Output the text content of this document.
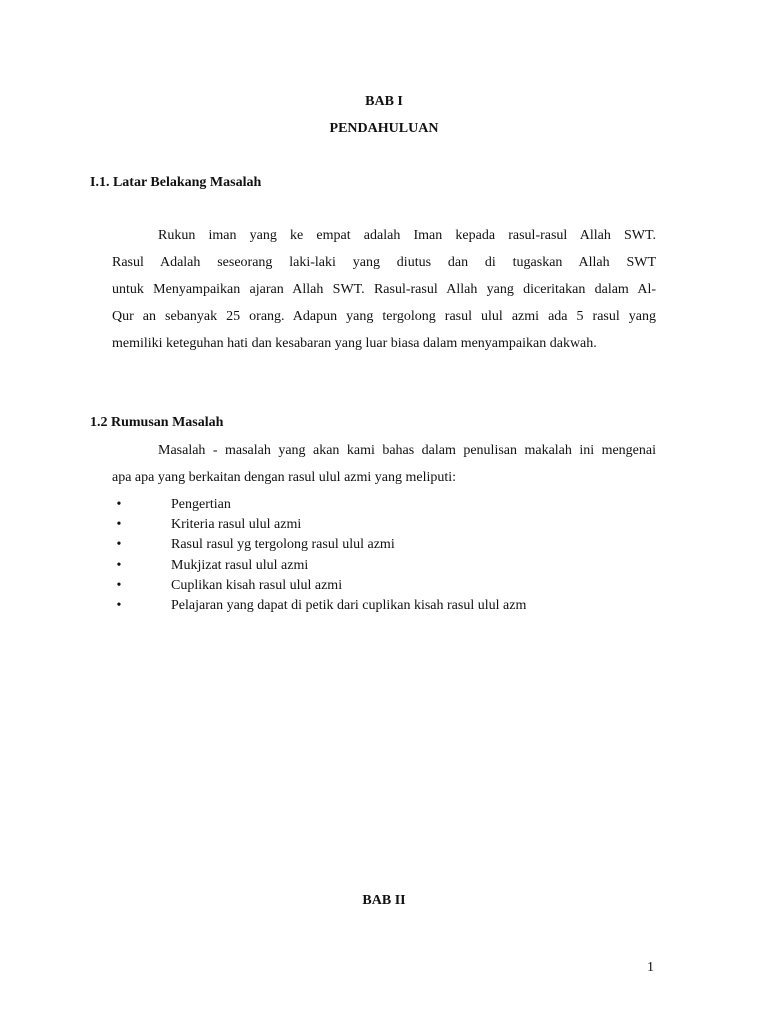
BAB I
PENDAHULUAN
I.1. Latar Belakang Masalah
Rukun iman yang ke empat adalah Iman kepada rasul-rasul Allah SWT.
Rasul Adalah seseorang laki-laki yang diutus dan di tugaskan Allah SWT
untuk Menyampaikan ajaran Allah SWT. Rasul-rasul Allah yang diceritakan dalam Al-
Qur an sebanyak 25 orang. Adapun yang tergolong rasul ulul azmi ada 5 rasul yang
memiliki keteguhan hati dan kesabaran yang luar biasa dalam menyampaikan dakwah.
1.2 Rumusan Masalah
Masalah - masalah yang akan kami bahas dalam penulisan makalah ini mengenai
apa apa yang berkaitan dengan rasul ulul azmi yang meliputi:
•	Pengertian
•	Kriteria rasul ulul azmi
•	Rasul rasul yg tergolong rasul ulul azmi
•	Mukjizat rasul ulul azmi
•	Cuplikan kisah rasul ulul azmi
•	Pelajaran yang dapat di petik dari cuplikan kisah rasul ulul azm
BAB II
1
